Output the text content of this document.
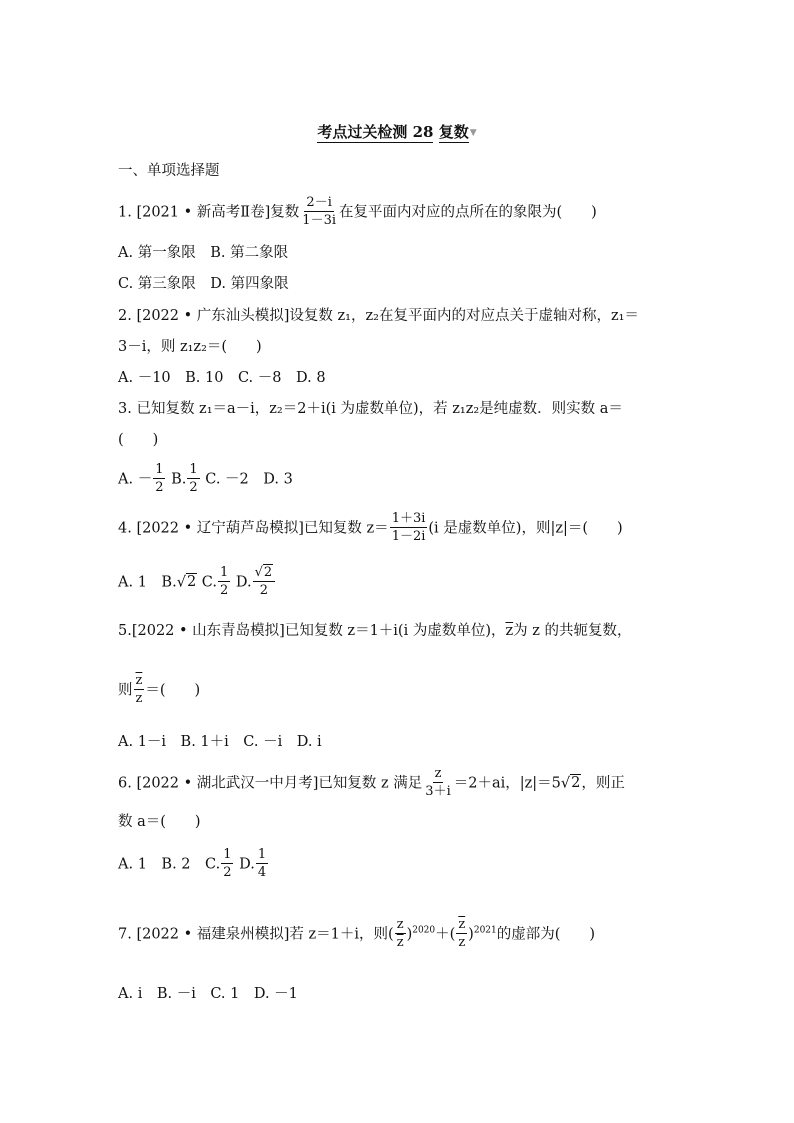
考点过关检测 28 复数▼
一、单项选择题
1. [2021 • 新高考Ⅱ卷]复数 $\frac{2-i}{1-3i}$ 在复平面内对应的点所在的象限为(　　)
A. 第一象限　B. 第二象限
C. 第三象限　D. 第四象限
2. [2022 • 广东汕头模拟]设复数 z₁，z₂在复平面内的对应点关于虚轴对称，z₁＝
3－i，则 z₁z₂＝(　　)
A. －10　B. 10　C. －8　D. 8
3. 已知复数 z₁＝a－i，z₂＝2＋i(i 为虚数单位)，若 z₁z₂是纯虚数．则实数 a＝
(　　)
A. － $\frac{1}{2} B$. $\frac{1}{2} C$. －2　D. 3
4. [2022 • 辽宁葫芦岛模拟]已知复数 $z= \frac{1+3i}{1-2i} (i$ 是虚数单位)，则|z|＝(　　)
A. 1　B.√2 C. $\frac{1}{2} D$. $\frac{√2}{2}$
5.[2022 • 山东青岛模拟]已知复数 z＝1＋i(i 为虚数单位)，$\overline{z}$为 z 的共轭复数，
则 $\frac{\overline{z}}{z}$ ＝(　　)
A. 1－i　B. 1＋i　C. －i　D. i
6. [2022 • 湖北武汉一中月考]已知复数 z 满足 $\frac{z}{3+i} =2+ai$，|z|＝5√2，则正
数 a＝(　　)
A. 1　B. 2　C. $\frac{1}{2} D$. $\frac{1}{4}$
7. [2022 • 福建泉州模拟]若 z＝1＋i，则( $\frac{z}{z} )^{2020}+( \frac{\overline{z}}{z} )^{2021}$的虚部为(　　)
A. i　B. －i　C. 1　D. －1
